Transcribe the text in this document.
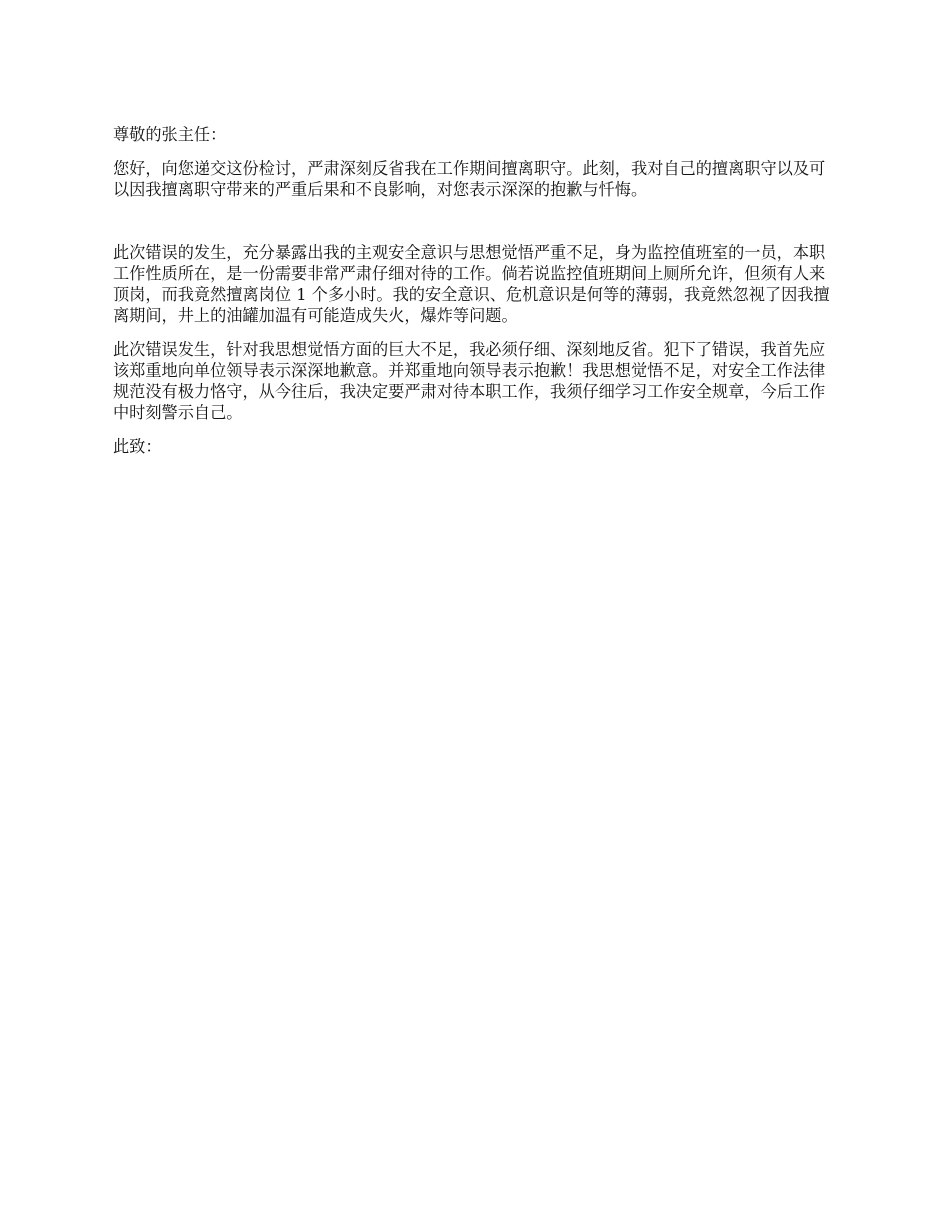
尊敬的张主任：

您好，向您递交这份检讨，严肃深刻反省我在工作期间擅离职守。此刻，我对自己的擅离职守以及可以因我擅离职守带来的严重后果和不良影响，对您表示深深的抱歉与忏悔。

此次错误的发生，充分暴露出我的主观安全意识与思想觉悟严重不足，身为监控值班室的一员，本职工作性质所在，是一份需要非常严肃仔细对待的工作。倘若说监控值班期间上厕所允许，但须有人来顶岗，而我竟然擅离岗位 1 个多小时。我的安全意识、危机意识是何等的薄弱，我竟然忽视了因我擅离期间，井上的油罐加温有可能造成失火，爆炸等问题。

此次错误发生，针对我思想觉悟方面的巨大不足，我必须仔细、深刻地反省。犯下了错误，我首先应该郑重地向单位领导表示深深地歉意。并郑重地向领导表示抱歉！我思想觉悟不足，对安全工作法律规范没有极力恪守，从今往后，我决定要严肃对待本职工作，我须仔细学习工作安全规章，今后工作中时刻警示自己。

此致：
